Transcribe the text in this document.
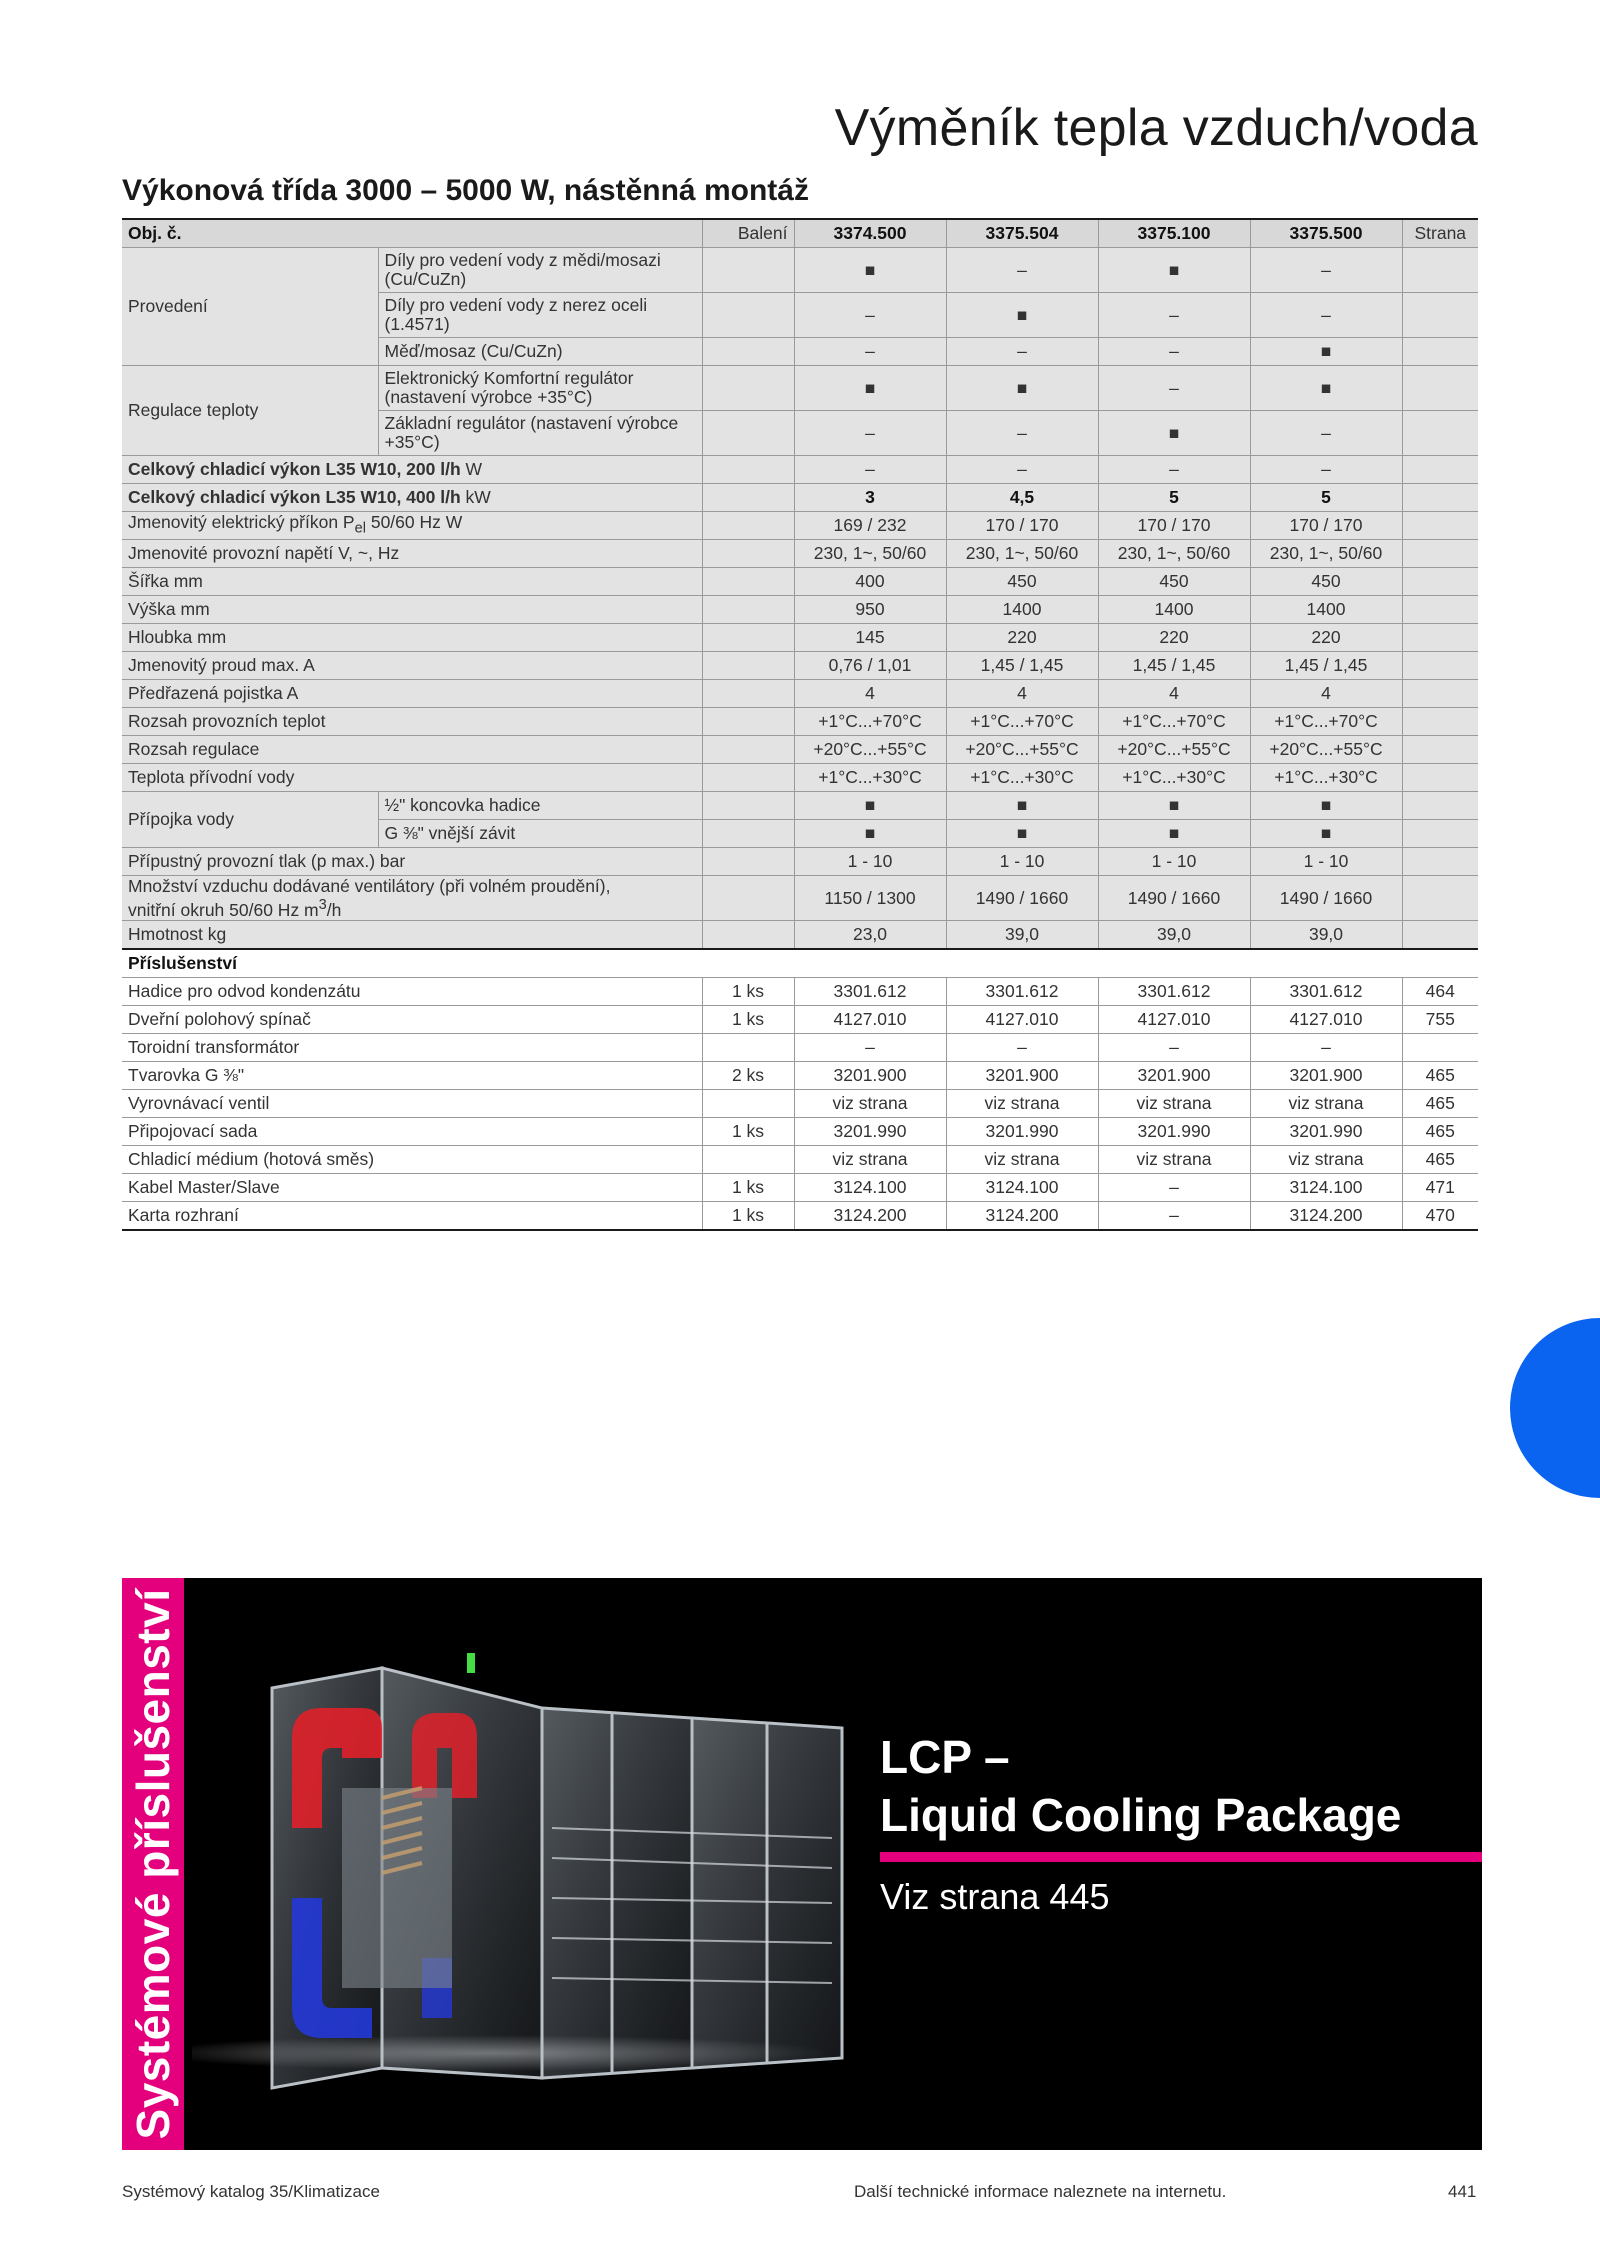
Výměník tepla vzduch/voda
Výkonová třída 3000 – 5000 W, nástěnná montáž
Obj. č.		Balení	3374.500	3375.504	3375.100	3375.500	Strana
Provedení	Díly pro vedení vody z mědi/mosazi (Cu/CuZn)		■	–	■	–	
	Díly pro vedení vody z nerez oceli (1.4571)		–	■	–	–	
	Měď/mosaz (Cu/CuZn)		–	–	–	■	
Regulace teploty	Elektronický Komfortní regulátor (nastavení výrobce +35°C)		■	■	–	■	
	Základní regulátor (nastavení výrobce +35°C)		–	–	■	–	
Celkový chladicí výkon L35 W10, 200 l/h W			–	–	–	–	
Celkový chladicí výkon L35 W10, 400 l/h kW			3	4,5	5	5	
Jmenovitý elektrický příkon $P_{el}$ 50/60 Hz W			169 / 232	170 / 170	170 / 170	170 / 170	
Jmenovité provozní napětí V, ~, Hz			230, 1~, 50/60	230, 1~, 50/60	230, 1~, 50/60	230, 1~, 50/60	
Šířka mm			400	450	450	450	
Výška mm			950	1400	1400	1400	
Hloubka mm			145	220	220	220	
Jmenovitý proud max. A			0,76 / 1,01	1,45 / 1,45	1,45 / 1,45	1,45 / 1,45	
Předřazená pojistka A			4	4	4	4	
Rozsah provozních teplot			+1°C...+70°C	+1°C...+70°C	+1°C...+70°C	+1°C...+70°C	
Rozsah regulace			+20°C...+55°C	+20°C...+55°C	+20°C...+55°C	+20°C...+55°C	
Teplota přívodní vody			+1°C...+30°C	+1°C...+30°C	+1°C...+30°C	+1°C...+30°C	
Přípojka vody	½" koncovka hadice		■	■	■	■	
	G ⅜" vnější závit		■	■	■	■	
Přípustný provozní tlak (p max.) bar			1 - 10	1 - 10	1 - 10	1 - 10	
Množství vzduchu dodávané ventilátory (při volném proudění),
vnitřní okruh 50/60 Hz $m^3/h$			1150 / 1300	1490 / 1660	1490 / 1660	1490 / 1660	
Hmotnost kg			23,0	39,0	39,0	39,0	
Příslušenství							
Hadice pro odvod kondenzátu		1 ks	3301.612	3301.612	3301.612	3301.612	464
Dveřní polohový spínač		1 ks	4127.010	4127.010	4127.010	4127.010	755
Toroidní transformátor			–	–	–	–	
Tvarovka G ⅜"		2 ks	3201.900	3201.900	3201.900	3201.900	465
Vyrovnávací ventil			viz strana	viz strana	viz strana	viz strana	465
Připojovací sada		1 ks	3201.990	3201.990	3201.990	3201.990	465
Chladicí médium (hotová směs)			viz strana	viz strana	viz strana	viz strana	465
Kabel Master/Slave		1 ks	3124.100	3124.100	–	3124.100	471
Karta rozhraní		1 ks	3124.200	3124.200	–	3124.200	470
Systémové příslušenství	LCP –
Liquid Cooling Package
Viz strana 445
Systémový katalog 35/Klimatizace	Další technické informace naleznete na internetu.	441
